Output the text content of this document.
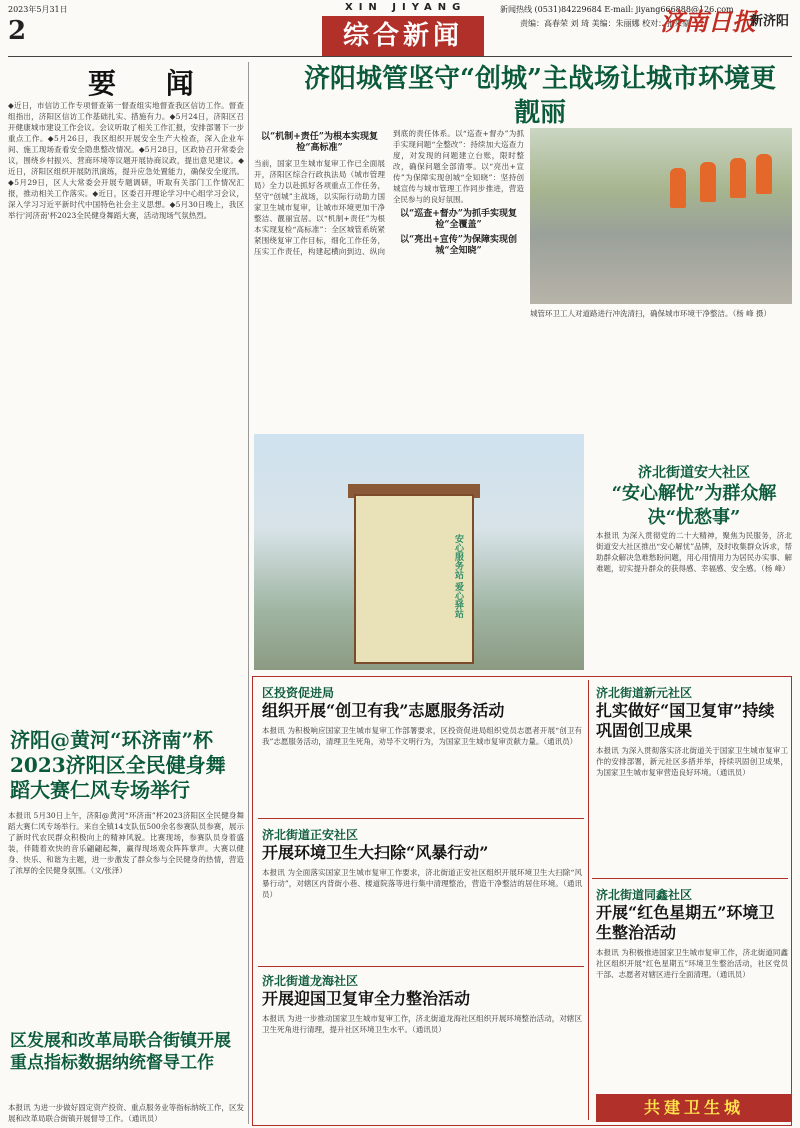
2023年5月31日
2
XIN JIYANG
综合新闻
新闻热线 (0531)84229684 E-mail: jiyang666888@126.com
责编：高春荣 刘 琦 美编：朱丽娜 校对：张来豪
济南日报
新济阳
要 闻
◆近日，市信访工作专项督查第一督查组实地督查我区信访工作。督查组指出，济阳区信访工作基础扎实、措施有力。◆5月24日，济阳区召开健康城市建设工作会议。会议听取了相关工作汇报，安排部署下一步重点工作。◆5月26日，我区组织开展安全生产大检查，深入企业车间、施工现场查看安全隐患整改情况。◆5月28日，区政协召开常委会议，围绕乡村振兴、营商环境等议题开展协商议政，提出意见建议。◆近日，济阳区组织开展防汛演练，提升应急处置能力，确保安全度汛。◆5月29日，区人大常委会开展专题调研，听取有关部门工作情况汇报，推动相关工作落实。◆近日，区委召开理论学习中心组学习会议，深入学习习近平新时代中国特色社会主义思想。◆5月30日晚上，我区举行'河济南'杯2023全民健身舞蹈大赛，活动现场气氛热烈。
济阳@黄河“环济南”杯2023济阳区全民健身舞蹈大赛仁风专场举行
本报讯 5月30日上午，济阳@黄河“环济南”杯2023济阳区全民健身舞蹈大赛仁风专场举行。来自全镇14支队伍500余名参赛队员参赛，展示了新时代农民群众积极向上的精神风貌。比赛现场，参赛队员身着盛装，伴随着欢快的音乐翩翩起舞，赢得现场观众阵阵掌声。大赛以健身、快乐、和谐为主题，进一步激发了群众参与全民健身的热情，营造了浓厚的全民健身氛围。（文/张泽）
区发展和改革局联合街镇开展重点指标数据纳统督导工作
本报讯 为进一步做好固定资产投资、重点服务业等指标纳统工作，区发展和改革局联合街镇开展督导工作。（通讯员）
济阳城管坚守“创城”主战场让城市环境更靓丽
以“机制+责任”为根本实现复检“高标准”
当前，国家卫生城市复审工作已全面展开，济阳区综合行政执法局（城市管理局）全力以赴抓好各项重点工作任务，坚守“创城”主战场，以实际行动助力国家卫生城市复审，让城市环境更加干净整洁、靓丽宜居。以“机制+责任”为根本实现复检“高标准”：全区城管系统紧紧围绕复审工作目标，细化工作任务，压实工作责任，构建起横向到边、纵向到底的责任体系。以“巡查+督办”为抓手实现问题“全整改”：持续加大巡查力度，对发现的问题建立台账，限时整改，确保问题全部清零。以“亮出+宣传”为保障实现创城“全知晓”：坚持创城宣传与城市管理工作同步推进，营造全民参与的良好氛围。
以“巡查+督办”为抓手实现复检“全覆盖”
以“亮出+宣传”为保障实现创城“全知晓”
城管环卫工人对道路进行冲洗清扫，确保城市环境干净整洁。（杨 峰 摄）
安心服务站 爱心驿站
济北街道安大社区
“安心解忧”为群众解决“忧愁事”
本报讯 为深入贯彻党的二十大精神，聚焦为民服务，济北街道安大社区推出“安心解忧”品牌，及时收集群众诉求，帮助群众解决急难愁盼问题，用心用情用力为居民办实事、解难题，切实提升群众的获得感、幸福感、安全感。（杨 峰）
区投资促进局
组织开展“创卫有我”志愿服务活动
本报讯 为积极响应国家卫生城市复审工作部署要求，区投资促进局组织党员志愿者开展“创卫有我”志愿服务活动，清理卫生死角，劝导不文明行为，为国家卫生城市复审贡献力量。（通讯员）
济北街道正安社区
开展环境卫生大扫除“风暴行动”
本报讯 为全面落实国家卫生城市复审工作要求，济北街道正安社区组织开展环境卫生大扫除“风暴行动”，对辖区内背街小巷、楼道院落等进行集中清理整治，营造干净整洁的居住环境。（通讯员）
济北街道龙海社区
开展迎国卫复审全力整治活动
本报讯 为进一步推动国家卫生城市复审工作，济北街道龙海社区组织开展环境整治活动，对辖区卫生死角进行清理，提升社区环境卫生水平。（通讯员）
济北街道新元社区
扎实做好“国卫复审”持续巩固创卫成果
本报讯 为深入贯彻落实济北街道关于国家卫生城市复审工作的安排部署，新元社区多措并举，持续巩固创卫成果，为国家卫生城市复审营造良好环境。（通讯员）
济北街道同鑫社区
开展“红色星期五”环境卫生整治活动
本报讯 为积极推进国家卫生城市复审工作，济北街道同鑫社区组织开展“红色星期五”环境卫生整治活动，社区党员干部、志愿者对辖区进行全面清理。（通讯员）
共建卫生城
